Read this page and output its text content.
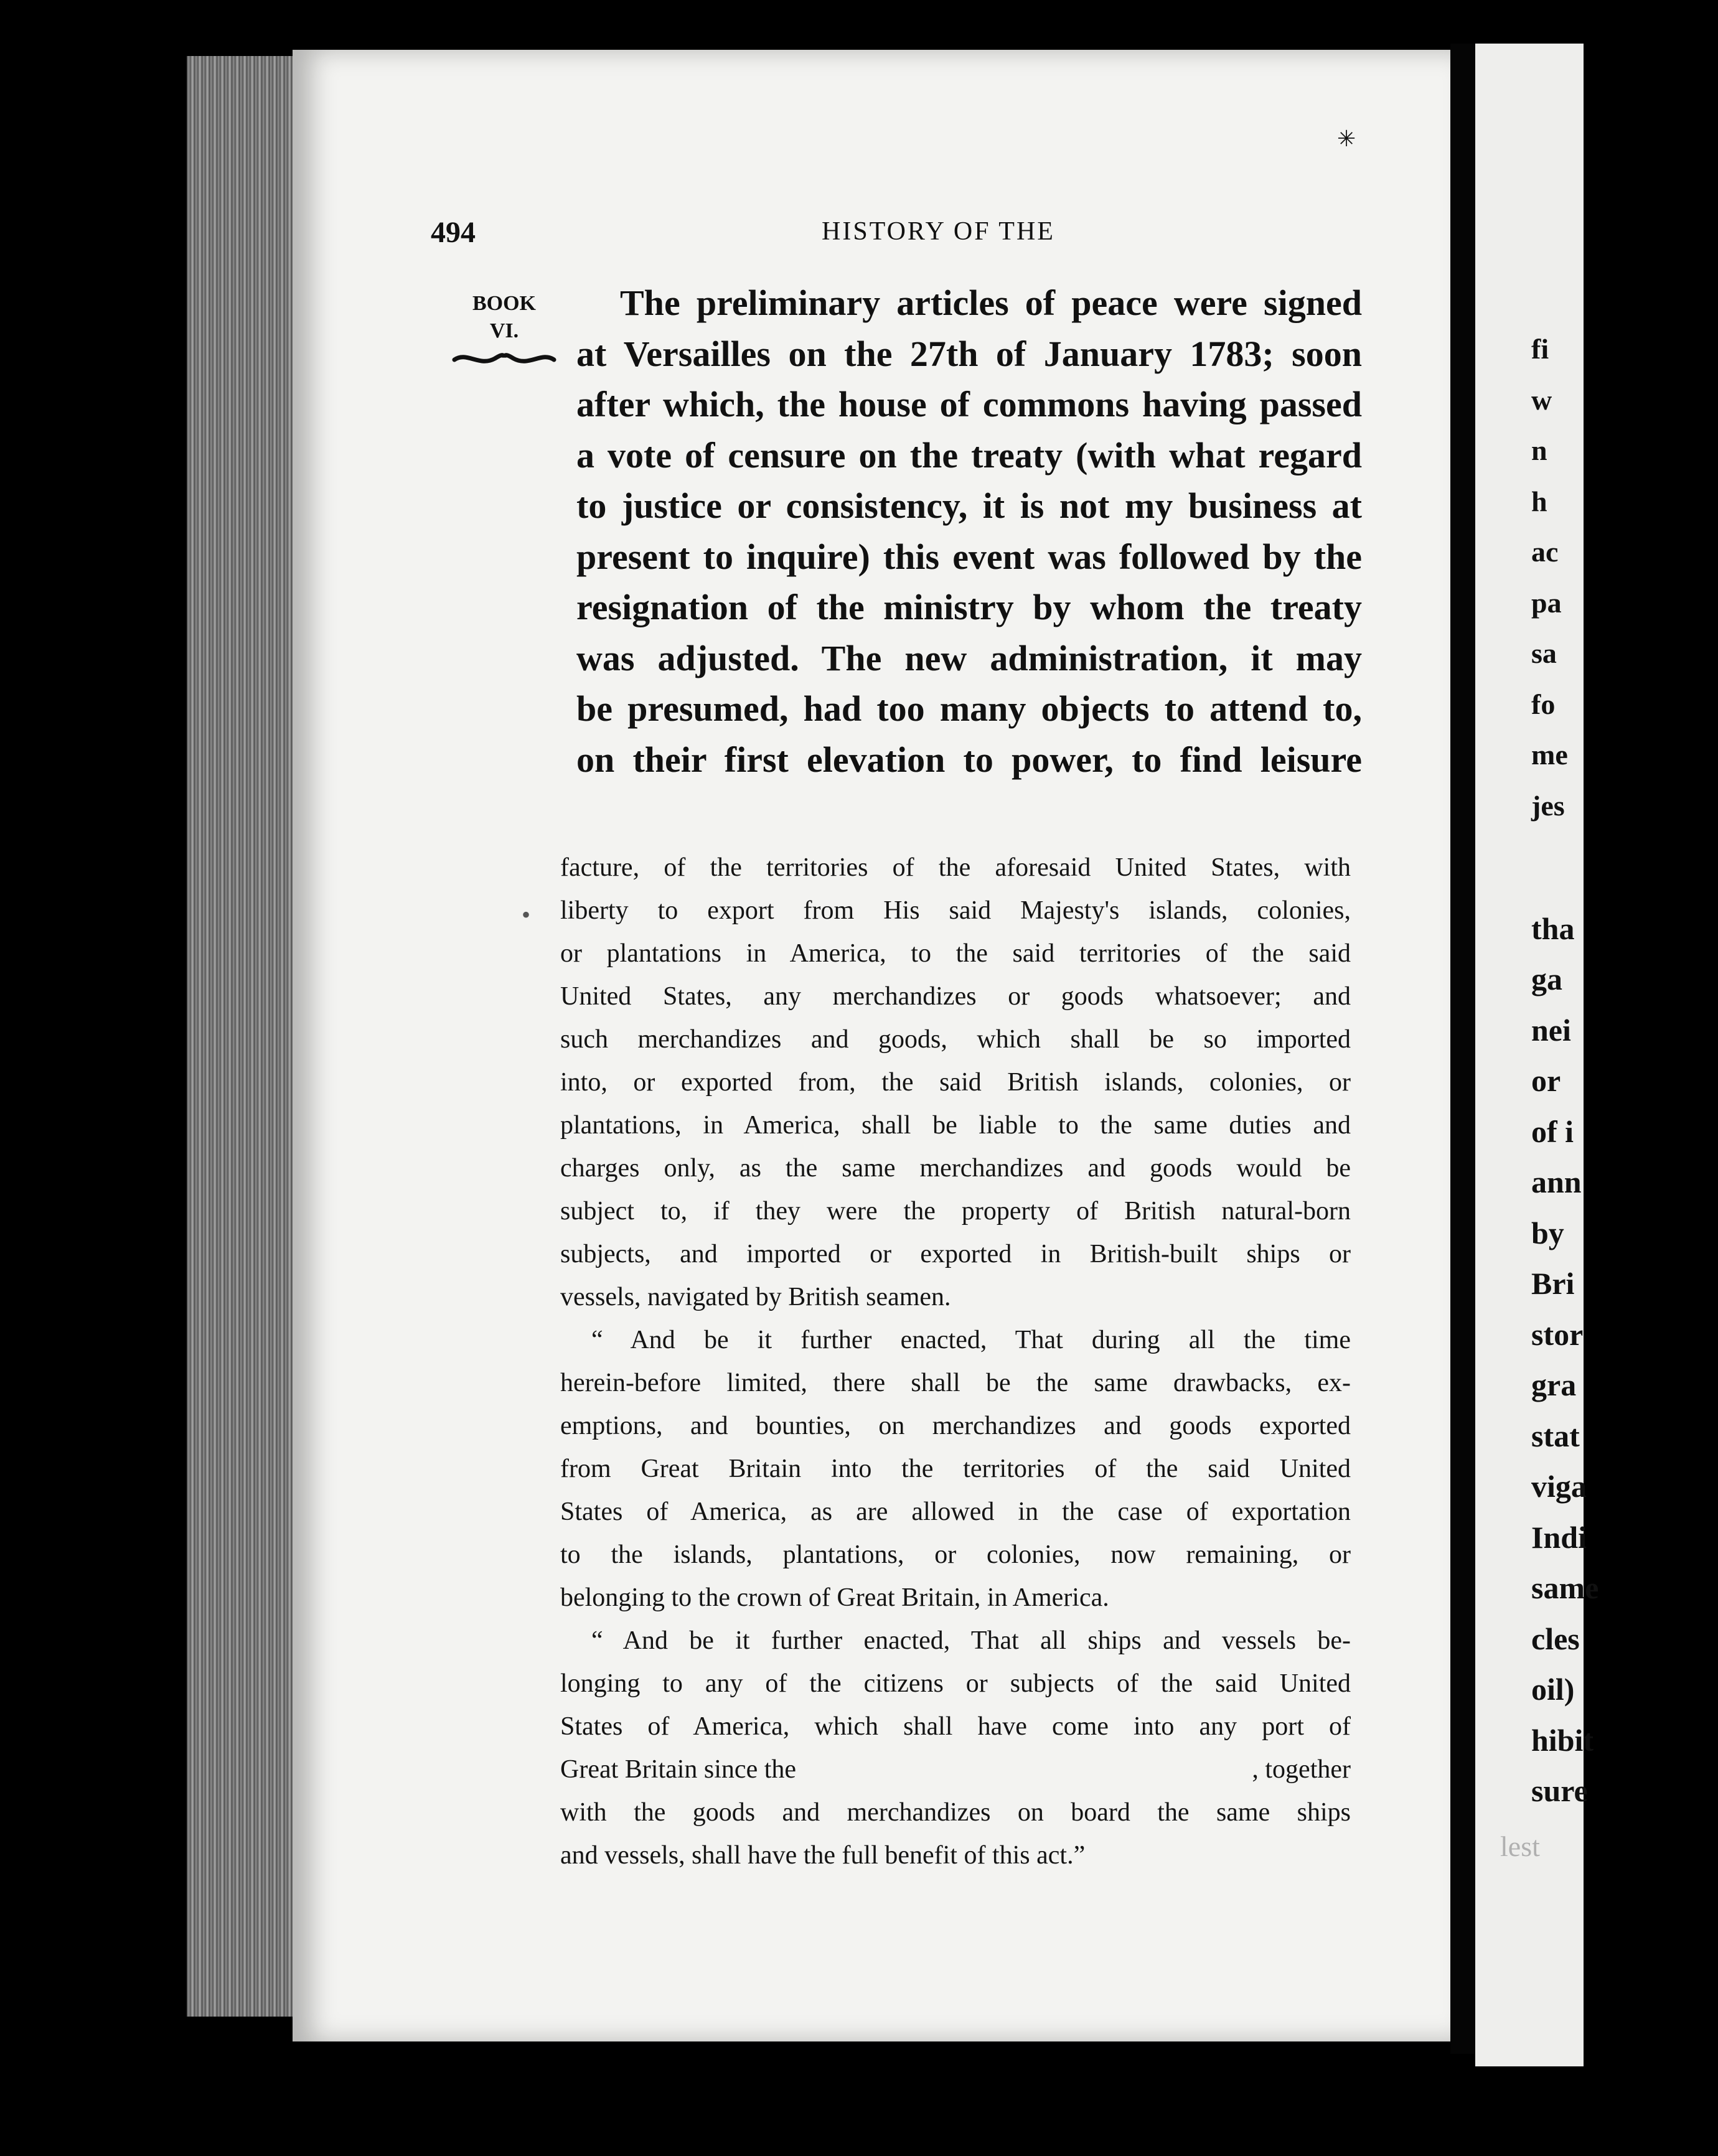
fi
w
n
h
ac
pa
sa
fo
me
jes
tha
ga
nei
or
of i
ann
by
Bri
stor
gra
stat
viga
Indi
same
cles
oil)
hibit
sure
lest
✳
494	HISTORY OF THE
BOOK
VI.
The preliminary articles of peace were signed
at Versailles on the 27th of January 1783; soon
after which, the house of commons having passed
a vote of censure on the treaty (with what regard
to justice or consistency, it is not my business at
present to inquire) this event was followed by the
resignation of the ministry by whom the treaty
was adjusted. The new administration, it may
be presumed, had too many objects to attend to,
on their first elevation to power, to find leisure
•
facture, of the territories of the aforesaid United States, with
liberty to export from His said Majesty's islands, colonies,
or plantations in America, to the said territories of the said
United States, any merchandizes or goods whatsoever; and
such merchandizes and goods, which shall be so imported
into, or exported from, the said British islands, colonies, or
plantations, in America, shall be liable to the same duties and
charges only, as the same merchandizes and goods would be
subject to, if they were the property of British natural-born
subjects, and imported or exported in British-built ships or
vessels, navigated by British seamen.
“ And be it further enacted, That during all the time
herein-before limited, there shall be the same drawbacks, ex-
emptions, and bounties, on merchandizes and goods exported
from Great Britain into the territories of the said United
States of America, as are allowed in the case of exportation
to the islands, plantations, or colonies, now remaining, or
belonging to the crown of Great Britain, in America.
“ And be it further enacted, That all ships and vessels be-
longing to any of the citizens or subjects of the said United
States of America, which shall have come into any port of
Great Britain since the	, together
with the goods and merchandizes on board the same ships
and vessels, shall have the full benefit of this act.”
